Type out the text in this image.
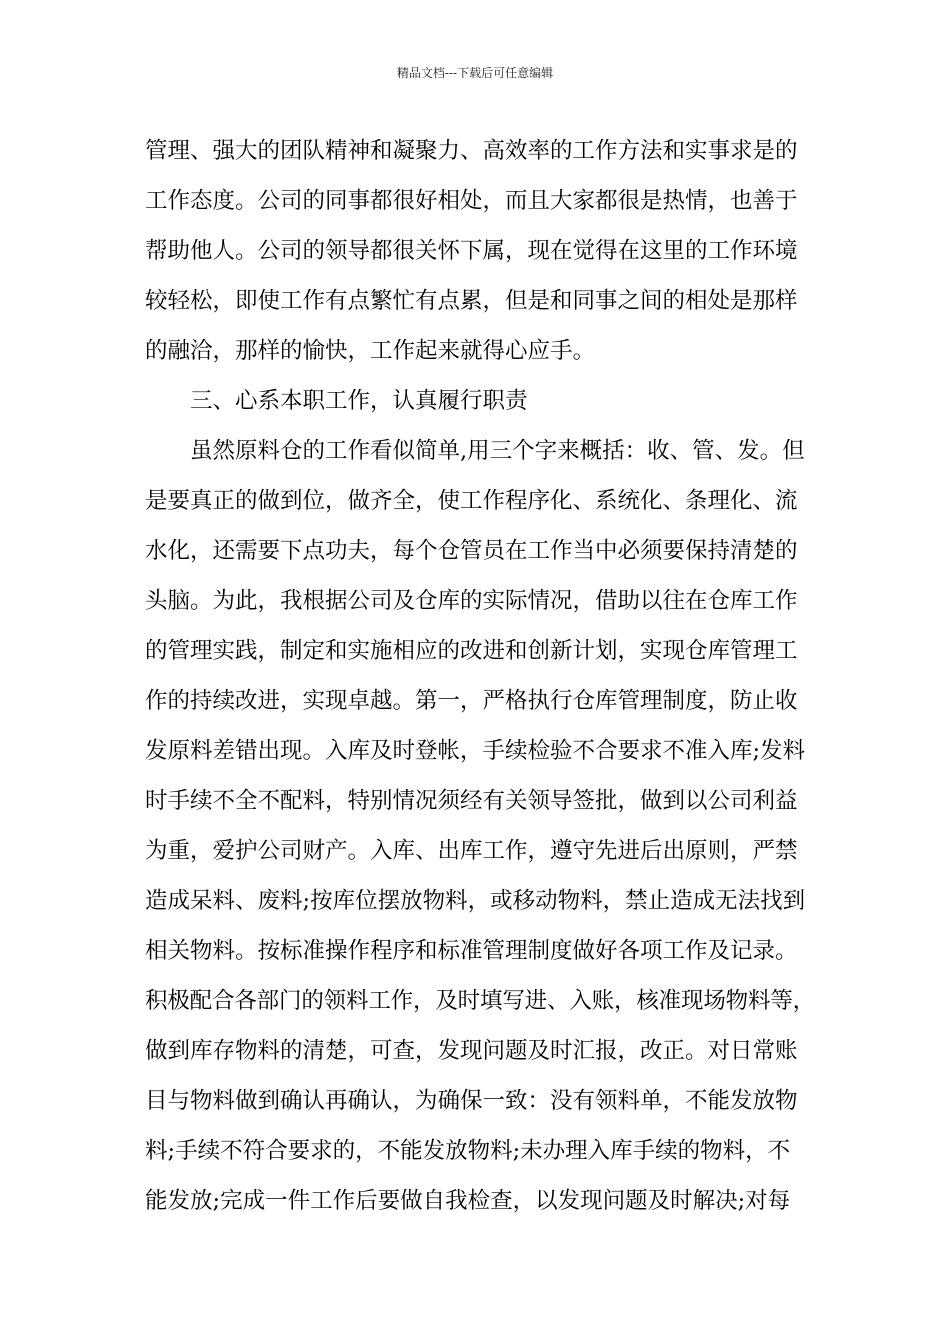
精品文档---下载后可任意编辑
管理、强大的团队精神和凝聚力、高效率的工作方法和实事求是的
工作态度。公司的同事都很好相处，而且大家都很是热情，也善于
帮助他人。公司的领导都很关怀下属，现在觉得在这里的工作环境
较轻松，即使工作有点繁忙有点累，但是和同事之间的相处是那样
的融洽，那样的愉快，工作起来就得心应手。
三、心系本职工作，认真履行职责
虽然原料仓的工作看似简单,用三个字来概括：收、管、发。但
是要真正的做到位，做齐全，使工作程序化、系统化、条理化、流
水化，还需要下点功夫，每个仓管员在工作当中必须要保持清楚的
头脑。为此，我根据公司及仓库的实际情况，借助以往在仓库工作
的管理实践，制定和实施相应的改进和创新计划，实现仓库管理工
作的持续改进，实现卓越。第一，严格执行仓库管理制度，防止收
发原料差错出现。入库及时登帐，手续检验不合要求不准入库;发料
时手续不全不配料，特别情况须经有关领导签批，做到以公司利益
为重，爱护公司财产。入库、出库工作，遵守先进后出原则，严禁
造成呆料、废料;按库位摆放物料，或移动物料，禁止造成无法找到
相关物料。按标准操作程序和标准管理制度做好各项工作及记录。
积极配合各部门的领料工作，及时填写进、入账，核准现场物料等，
做到库存物料的清楚，可查，发现问题及时汇报，改正。对日常账
目与物料做到确认再确认，为确保一致：没有领料单，不能发放物
料;手续不符合要求的，不能发放物料;未办理入库手续的物料，不
能发放;完成一件工作后要做自我检查，以发现问题及时解决;对每
